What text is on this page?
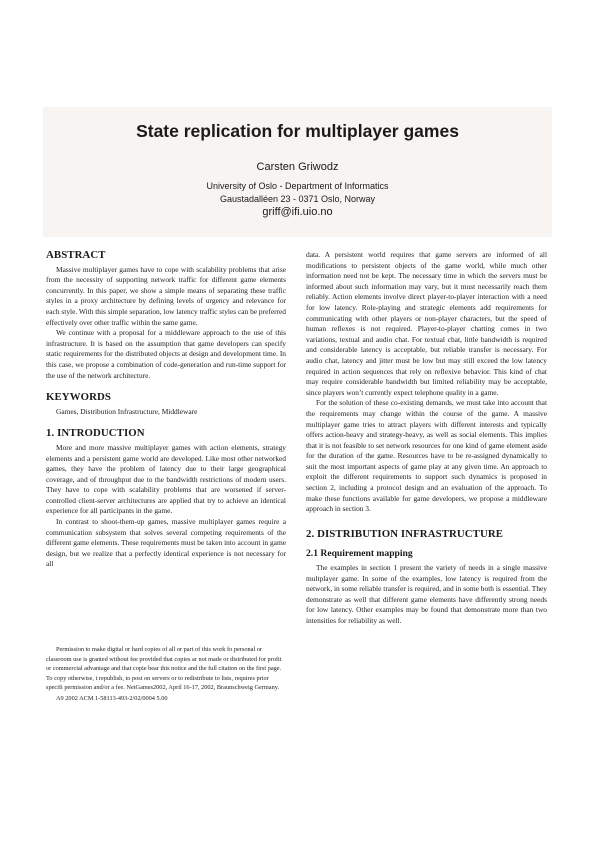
State replication for multiplayer games
Carsten Griwodz
University of Oslo - Department of Informatics
Gaustadalléen 23 - 0371 Oslo, Norway
griff@ifi.uio.no
ABSTRACT

Massive multiplayer games have to cope with scalability problems that arise from the necessity of supporting network traffic for different game elements concurrently. In this paper, we show a simple means of separating these traffic styles in a proxy architecture by defining levels of urgency and relevance for each style. With this simple separation, low latency traffic styles can be preferred effectively over other traffic within the same game.

We continue with a proposal for a middleware approach to the use of this infrastructure. It is based on the assumption that game developers can specify static requirements for the distributed objects at design and development time. In this case, we propose a combination of code-generation and run-time support for the use of the network architecture.

KEYWORDS

Games, Distribution Infrastructure, Middleware

1. INTRODUCTION

More and more massive multiplayer games with action elements, strategy elements and a persistent game world are developed. Like most other networked games, they have the problem of latency due to their large geographical coverage, and of throughput due to the bandwidth restrictions of modern users. They have to cope with scalability problems that are worsened if server-controlled client-server architectures are applied that try to achieve an identical experience for all participants in the game.

In contrast to shoot-them-up games, massive multiplayer games require a communication subsystem that solves several competing requirements of the different game elements. These requirements must be taken into account in game design, but we realize that a perfectly identical experience is not necessary for all

Permission to make digital or hard copies of all or part of this work fo personal or classroom use is granted without fee provided that copies ar not made or distributed for profit or commercial advantage and that copie bear this notice and the full citation on the first page. To copy otherwise, t republish, to post on servers or to redistribute to lists, requires prior specifi permission and/or a fee. NetGames2002, April 16-17, 2002, Braunschweig Germany.

A9 2002 ACM 1-58113-493-2/02/0004 5.00

data. A persistent world requires that game servers are informed of all modifications to persistent objects of the game world, while much other information need not be kept. The necessary time in which the servers must be informed about such information may vary, but it must necessarily reach them reliably. Action elements involve direct player-to-player interaction with a need for low latency. Role-playing and strategic elements add requirements for communicating with other players or non-player characters, but the speed of human reflexes is not required. Player-to-player chatting comes in two variations, textual and audio chat. For textual chat, little bandwidth is required and considerable latency is acceptable, but reliable transfer is necessary. For audio chat, latency and jitter must be low but may still exceed the low latency required in action sequences that rely on reflexive behavior. This kind of chat may require considerable bandwidth but limited reliability may be acceptable, since players won’t currently expect telephone quality in a game.

For the solution of these co-existing demands, we must take into account that the requirements may change within the course of the game. A massive multiplayer game tries to attract players with different interests and typically offers action-heavy and strategy-heavy, as well as social elements. This implies that it is not feasible to set network resources for one kind of game element aside for the duration of the game. Resources have to be re-assigned dynamically to suit the most important aspects of game play at any given time. An approach to exploit the different requirements to support such dynamics is proposed in section 2, including a protocol design and an evaluation of the approach. To make these functions available for game developers, we propose a middleware approach in section 3.

2. DISTRIBUTION INFRASTRUCTURE
2.1 Requirement mapping

The examples in section 1 present the variety of needs in a single massive multplayer game. In some of the examples, low latency is required from the network, in some reliable transfer is required, and in some both is essential. They demonstrate as well that different game elements have differently strong needs for low latency. Other examples may be found that demonstrate more than two intensities for reliability as well.
